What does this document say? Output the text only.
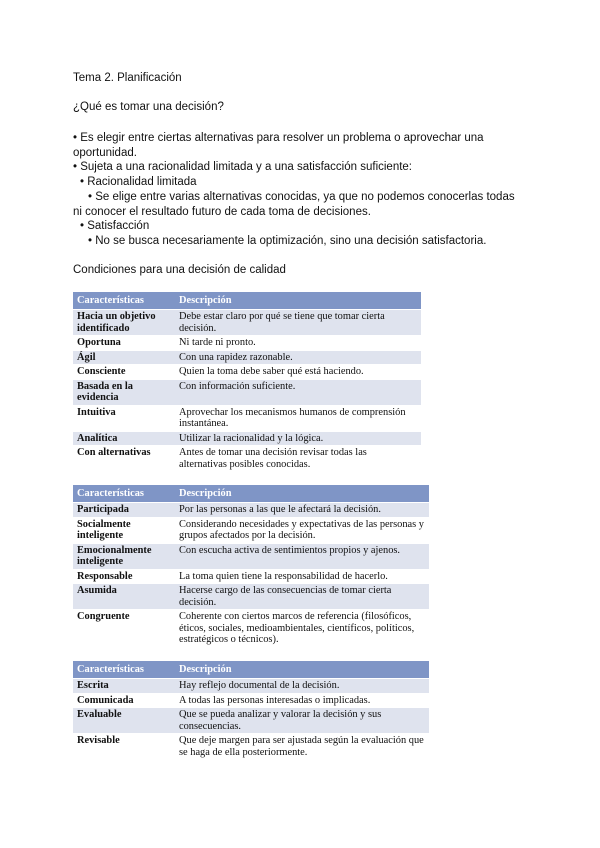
Tema 2. Planificación
¿Qué es tomar una decisión?
• Es elegir entre ciertas alternativas para resolver un problema o aprovechar una oportunidad.
• Sujeta a una racionalidad limitada y a una satisfacción suficiente:
• Racionalidad limitada
• Se elige entre varias alternativas conocidas, ya que no podemos conocerlas todas ni conocer el resultado futuro de cada toma de decisiones.
• Satisfacción
• No se busca necesariamente la optimización, sino una decisión satisfactoria.
Condiciones para una decisión de calidad
Características	Descripción
Hacia un objetivo identificado	Debe estar claro por qué se tiene que tomar cierta decisión.
Oportuna	Ni tarde ni pronto.
Ágil	Con una rapidez razonable.
Consciente	Quien la toma debe saber qué está haciendo.
Basada en la evidencia	Con información suficiente.
Intuitiva	Aprovechar los mecanismos humanos de comprensión instantánea.
Analítica	Utilizar la racionalidad y la lógica.
Con alternativas	Antes de tomar una decisión revisar todas las alternativas posibles conocidas.
Características	Descripción
Participada	Por las personas a las que le afectará la decisión.
Socialmente inteligente	Considerando necesidades y expectativas de las personas y grupos afectados por la decisión.
Emocionalmente inteligente	Con escucha activa de sentimientos propios y ajenos.
Responsable	La toma quien tiene la responsabilidad de hacerlo.
Asumida	Hacerse cargo de las consecuencias de tomar cierta decisión.
Congruente	Coherente con ciertos marcos de referencia (filosóficos, éticos, sociales, medioambientales, científicos, políticos, estratégicos o técnicos).
Características	Descripción
Escrita	Hay reflejo documental de la decisión.
Comunicada	A todas las personas interesadas o implicadas.
Evaluable	Que se pueda analizar y valorar la decisión y sus consecuencias.
Revisable	Que deje margen para ser ajustada según la evaluación que se haga de ella posteriormente.
